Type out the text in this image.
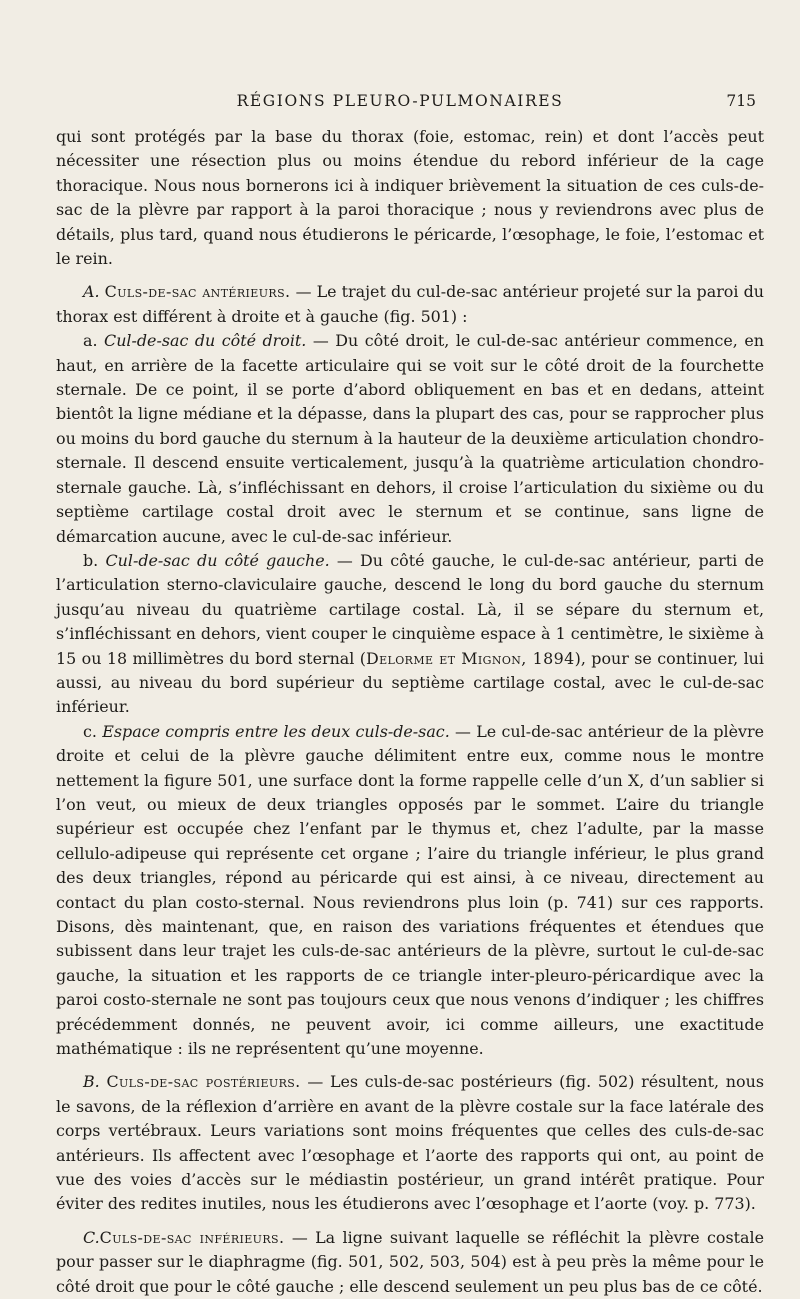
RÉGIONS PLEURO-PULMONAIRES	715

qui sont protégés par la base du thorax (foie, estomac, rein) et dont l’accès peut nécessiter une résection plus ou moins étendue du rebord inférieur de la cage thoracique. Nous nous bornerons ici à indiquer brièvement la situation de ces culs-de-sac de la plèvre par rapport à la paroi thoracique ; nous y reviendrons avec plus de détails, plus tard, quand nous étudierons le péricarde, l’œsophage, le foie, l’estomac et le rein.

A. Culs-de-sac antérieurs. — Le trajet du cul-de-sac antérieur projeté sur la paroi du thorax est différent à droite et à gauche (fig. 501) :

a. Cul-de-sac du côté droit. — Du côté droit, le cul-de-sac antérieur commence, en haut, en arrière de la facette articulaire qui se voit sur le côté droit de la fourchette sternale. De ce point, il se porte d’abord obliquement en bas et en dedans, atteint bientôt la ligne médiane et la dépasse, dans la plupart des cas, pour se rapprocher plus ou moins du bord gauche du sternum à la hauteur de la deuxième articulation chondro-sternale. Il descend ensuite verticalement, jusqu’à la quatrième articulation chondro-sternale gauche. Là, s’infléchissant en dehors, il croise l’articulation du sixième ou du septième cartilage costal droit avec le sternum et se continue, sans ligne de démarcation aucune, avec le cul-de-sac inférieur.

b. Cul-de-sac du côté gauche. — Du côté gauche, le cul-de-sac antérieur, parti de l’articulation sterno-claviculaire gauche, descend le long du bord gauche du sternum jusqu’au niveau du quatrième cartilage costal. Là, il se sépare du sternum et, s’infléchissant en dehors, vient couper le cinquième espace à 1 centimètre, le sixième à 15 ou 18 millimètres du bord sternal (Delorme et Mignon, 1894), pour se continuer, lui aussi, au niveau du bord supérieur du septième cartilage costal, avec le cul-de-sac inférieur.

c. Espace compris entre les deux culs-de-sac. — Le cul-de-sac antérieur de la plèvre droite et celui de la plèvre gauche délimitent entre eux, comme nous le montre nettement la figure 501, une surface dont la forme rappelle celle d’un X, d’un sablier si l’on veut, ou mieux de deux triangles opposés par le sommet. L’aire du triangle supérieur est occupée chez l’enfant par le thymus et, chez l’adulte, par la masse cellulo-adipeuse qui représente cet organe ; l’aire du triangle inférieur, le plus grand des deux triangles, répond au péricarde qui est ainsi, à ce niveau, directement au contact du plan costo-sternal. Nous reviendrons plus loin (p. 741) sur ces rapports. Disons, dès maintenant, que, en raison des variations fréquentes et étendues que subissent dans leur trajet les culs-de-sac antérieurs de la plèvre, surtout le cul-de-sac gauche, la situation et les rapports de ce triangle inter-pleuro-péricardique avec la paroi costo-sternale ne sont pas toujours ceux que nous venons d’indiquer ; les chiffres précédemment donnés, ne peuvent avoir, ici comme ailleurs, une exactitude mathématique : ils ne représentent qu’une moyenne.

B. Culs-de-sac postérieurs. — Les culs-de-sac postérieurs (fig. 502) résultent, nous le savons, de la réflexion d’arrière en avant de la plèvre costale sur la face latérale des corps vertébraux. Leurs variations sont moins fréquentes que celles des culs-de-sac antérieurs. Ils affectent avec l’œsophage et l’aorte des rapports qui ont, au point de vue des voies d’accès sur le médiastin postérieur, un grand intérêt pratique. Pour éviter des redites inutiles, nous les étudierons avec l’œsophage et l’aorte (voy. p. 773).

C.Culs-de-sac inférieurs. — La ligne suivant laquelle se réfléchit la plèvre costale pour passer sur le diaphragme (fig. 501, 502, 503, 504) est à peu près la même pour le côté droit que pour le côté gauche ; elle descend seulement un peu plus bas de ce côté.
